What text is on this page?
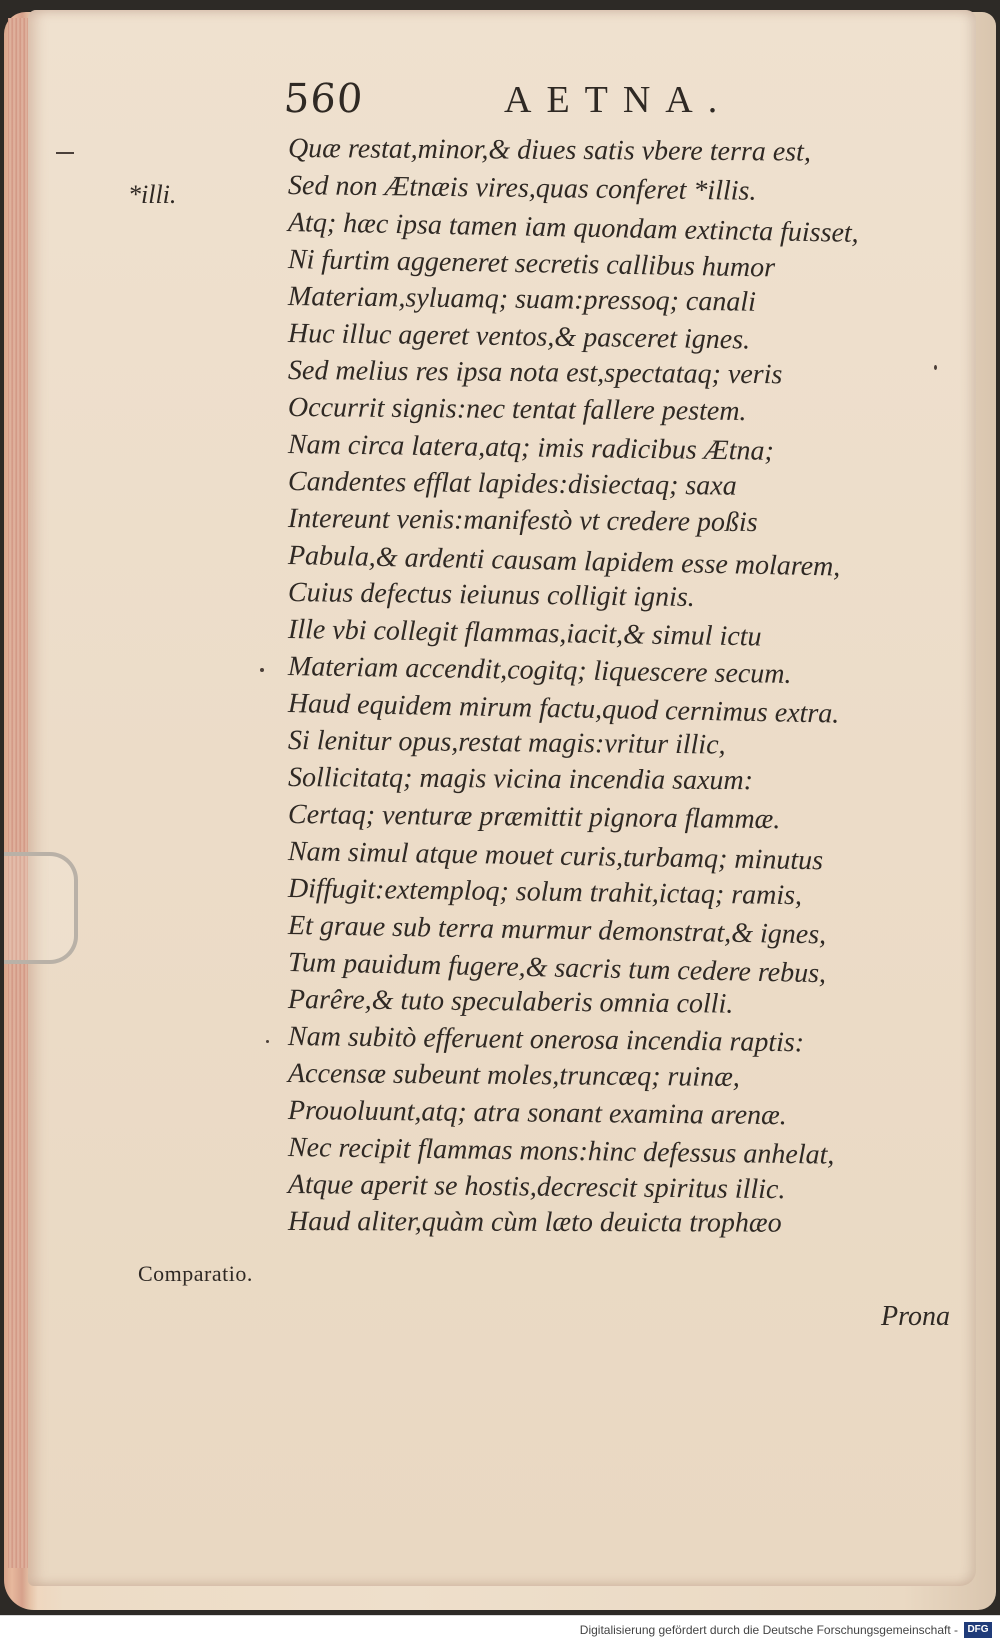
560	AETNA.
*illi.
Comparatio.
Quæ restat,minor,& diues satis vbere terra est,
Sed non Ætnæis vires,quas conferet *illis.
Atq; hæc ipsa tamen iam quondam extincta fuisset,
Ni furtim aggeneret secretis callibus humor
Materiam,syluamq; suam:pressoq; canali
Huc illuc ageret ventos,& pasceret ignes.
Sed melius res ipsa nota est,spectataq; veris
Occurrit signis:nec tentat fallere pestem.
Nam circa latera,atq; imis radicibus Ætna;
Candentes efflat lapides:disiectaq; saxa
Intereunt venis:manifestò vt credere poßis
Pabula,& ardenti causam lapidem esse molarem,
Cuius defectus ieiunus colligit ignis.
Ille vbi collegit flammas,iacit,& simul ictu
Materiam accendit,cogitq; liquescere secum.
Haud equidem mirum factu,quod cernimus extra.
Si lenitur opus,restat magis:vritur illic,
Sollicitatq; magis vicina incendia saxum:
Certaq; venturæ præmittit pignora flammæ.
Nam simul atque mouet curis,turbamq; minutus
Diffugit:extemploq; solum trahit,ictaq; ramis,
Et graue sub terra murmur demonstrat,& ignes,
Tum pauidum fugere,& sacris tum cedere rebus,
Parêre,& tuto speculaberis omnia colli.
Nam subitò efferuent onerosa incendia raptis:
Accensæ subeunt moles,truncæq; ruinæ,
Prouoluunt,atq; atra sonant examina arenæ.
Nec recipit flammas mons:hinc defessus anhelat,
Atque aperit se hostis,decrescit spiritus illic.
Haud aliter,quàm cùm læto deuicta trophæo
Prona
Digitalisierung gefördert durch die Deutsche Forschungsgemeinschaft - DFG
